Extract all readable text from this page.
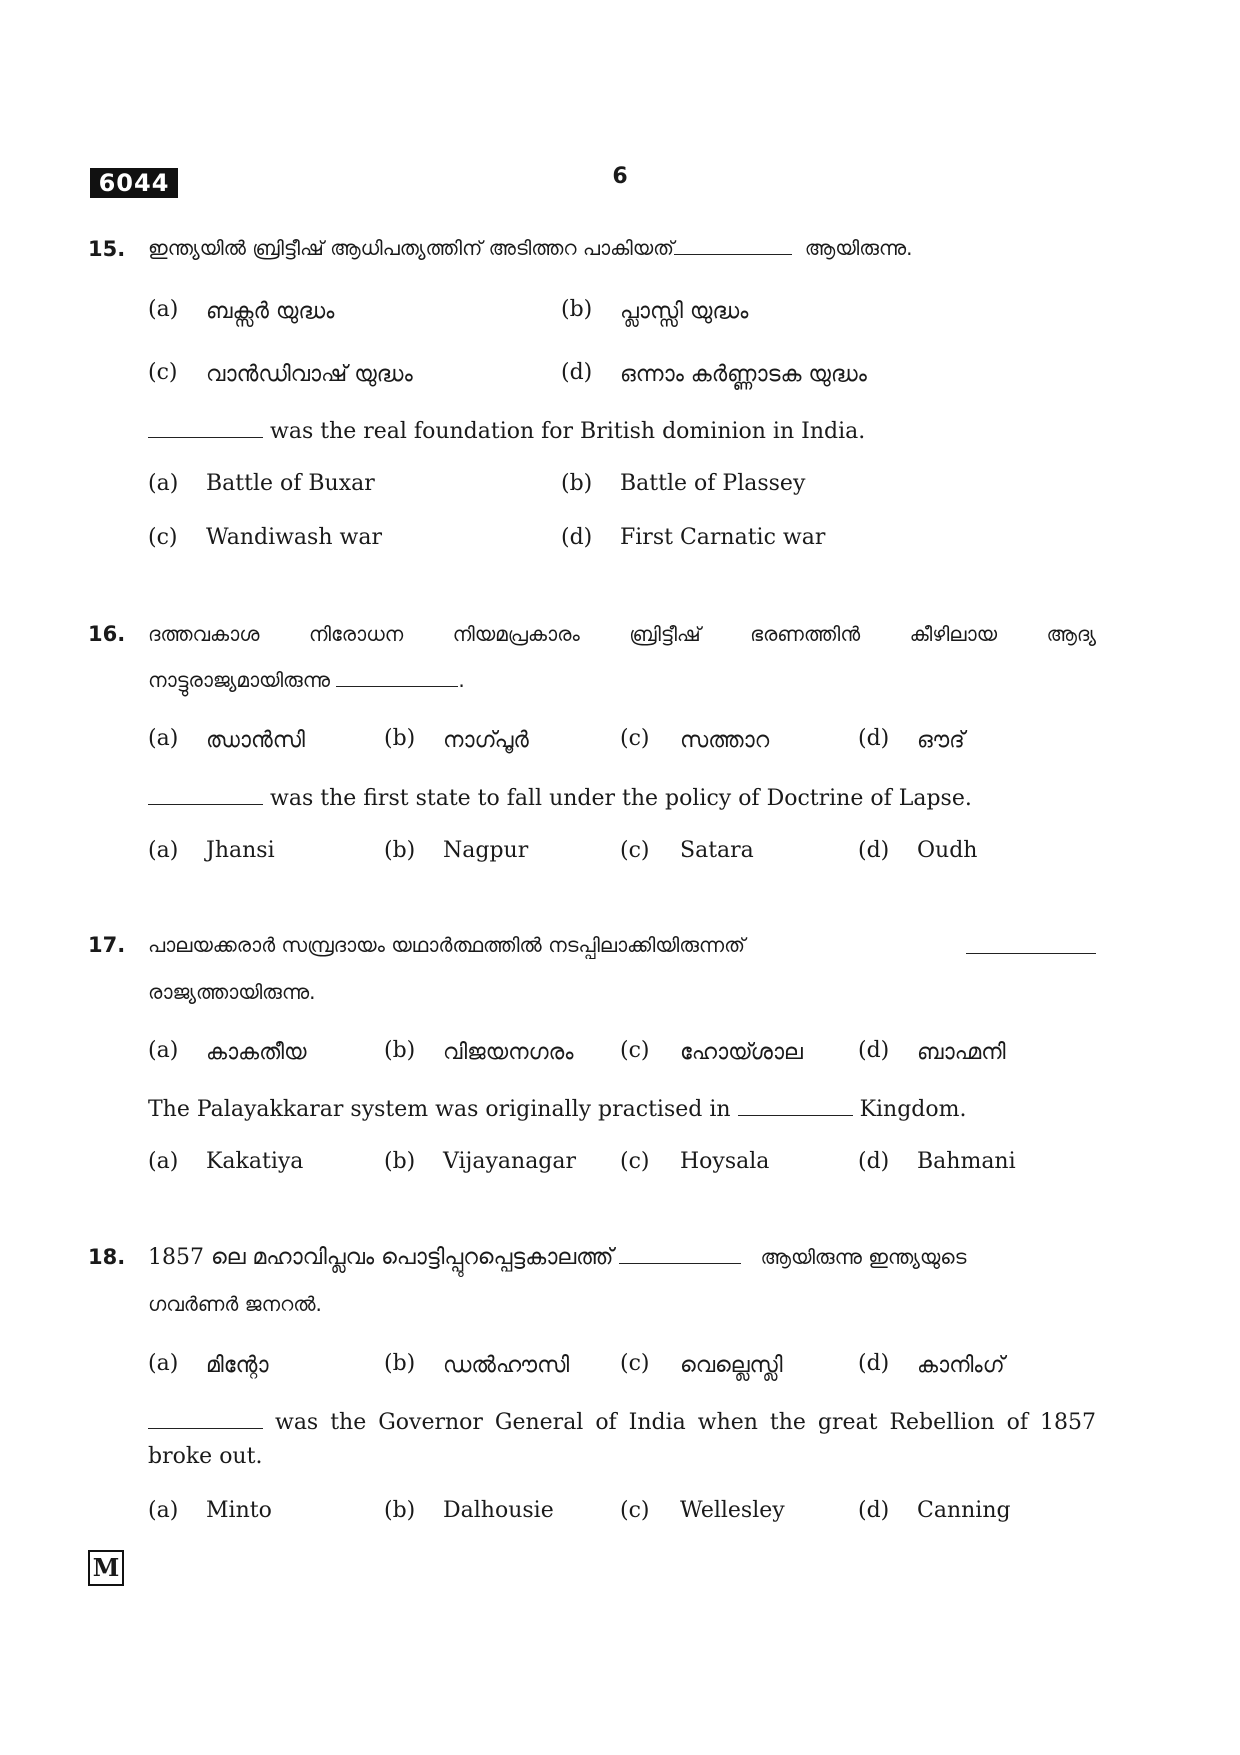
6044	6
15. ഇന്ത്യയിൽ ബ്രിട്ടീഷ് ആധിപത്യത്തിന് അടിത്തറ പാകിയത്	ആയിരുന്നു.
(a) ബക്സർ യുദ്ധം	(b) പ്ലാസ്സി യുദ്ധം
(c) വാൻഡിവാഷ് യുദ്ധം	(d) ഒന്നാം കർണ്ണാടക യുദ്ധം
was the real foundation for British dominion in India.
(a) Battle of Buxar	(b) Battle of Plassey
(c) Wandiwash war	(d) First Carnatic war
16. ദത്തവകാശ നിരോധന നിയമപ്രകാരം ബ്രിട്ടീഷ് ഭരണത്തിൻ കീഴിലായ ആദ്യ
നാട്ടുരാജ്യമായിരുന്നു	.
(a) ഝാൻസി	(b) നാഗ്പൂർ	(c) സത്താറ	(d) ഔദ്
was the first state to fall under the policy of Doctrine of Lapse.
(a) Jhansi	(b) Nagpur	(c) Satara	(d) Oudh
17. പാലയക്കരാർ സമ്പ്രദായം യഥാർത്ഥത്തിൽ നടപ്പിലാക്കിയിരുന്നത്
രാജ്യത്തായിരുന്നു.
(a) കാകതീയ	(b) വിജയനഗരം (c) ഹോയ്ശാല	(d) ബാഹ്മനി
The Palayakkarar system was originally practised in	Kingdom.
(a) Kakatiya	(b) Vijayanagar (c) Hoysala	(d) Bahmani
18. 1857 ലെ മഹാവിപ്ലവം പൊട്ടിപ്പുറപ്പെട്ടകാലത്ത്	ആയിരുന്നു ഇന്ത്യയുടെ
ഗവർണർ ജനറൽ.
(a) മിന്റോ	(b) ഡൽഹൗസി (c) വെല്ലെസ്ലി	(d) കാനിംഗ്
was the Governor General of India when the great Rebellion of 1857
broke out.
(a) Minto	(b) Dalhousie	(c) Wellesley	(d) Canning
M
